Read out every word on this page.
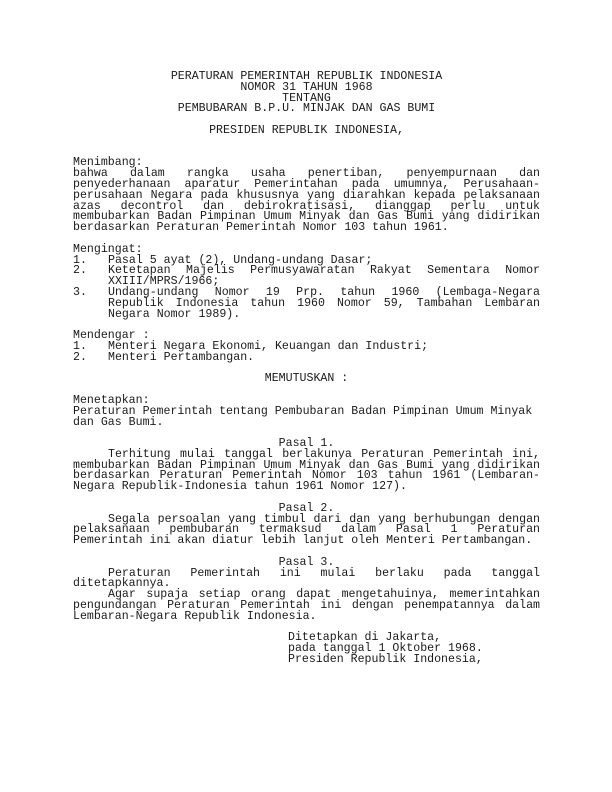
PERATURAN PEMERINTAH REPUBLIK INDONESIA
NOMOR 31 TAHUN 1968
TENTANG
PEMBUBARAN B.P.U. MINJAK DAN GAS BUMI
PRESIDEN REPUBLIK INDONESIA,
Menimbang:
bahwa dalam rangka usaha penertiban, penyempurnaan dan
penyederhanaan aparatur Pemerintahan pada umumnya, Perusahaan-
perusahaan Negara pada khususnya yang diarahkan kepada pelaksanaan
azas decontrol dan debirokratisasi, dianggap perlu untuk
membubarkan Badan Pimpinan Umum Minyak dan Gas Bumi yang didirikan
berdasarkan Peraturan Pemerintah Nomor 103 tahun 1961.
Mengingat:
1. Pasal 5 ayat (2), Undang-undang Dasar;
2. Ketetapan Majelis Permusyawaratan Rakyat Sementara Nomor
XXIII/MPRS/1966;
3. Undang-undang Nomor 19 Prp. tahun 1960 (Lembaga-Negara
Republik Indonesia tahun 1960 Nomor 59, Tambahan Lembaran
Negara Nomor 1989).
Mendengar :
1. Menteri Negara Ekonomi, Keuangan dan Industri;
2. Menteri Pertambangan.
MEMUTUSKAN :
Menetapkan:
Peraturan Pemerintah tentang Pembubaran Badan Pimpinan Umum Minyak
dan Gas Bumi.
Pasal 1.
Terhitung mulai tanggal berlakunya Peraturan Pemerintah ini,
membubarkan Badan Pimpinan Umum Minyak dan Gas Bumi yang didirikan
berdasarkan Peraturan Pemerintah Nomor 103 tahun 1961 (Lembaran-
Negara Republik-Indonesia tahun 1961 Nomor 127).
Pasal 2.
Segala persoalan yang timbul dari dan yang berhubungan dengan
pelaksanaan pembubaran termaksud dalam Pasal 1 Peraturan
Pemerintah ini akan diatur lebih lanjut oleh Menteri Pertambangan.
Pasal 3.
Peraturan Pemerintah ini mulai berlaku pada tanggal
ditetapkannya.
Agar supaja setiap orang dapat mengetahuinya, memerintahkan
pengundangan Peraturan Pemerintah ini dengan penempatannya dalam
Lembaran-Negara Republik Indonesia.
Ditetapkan di Jakarta,
pada tanggal 1 Oktober 1968.
Presiden Republik Indonesia,
